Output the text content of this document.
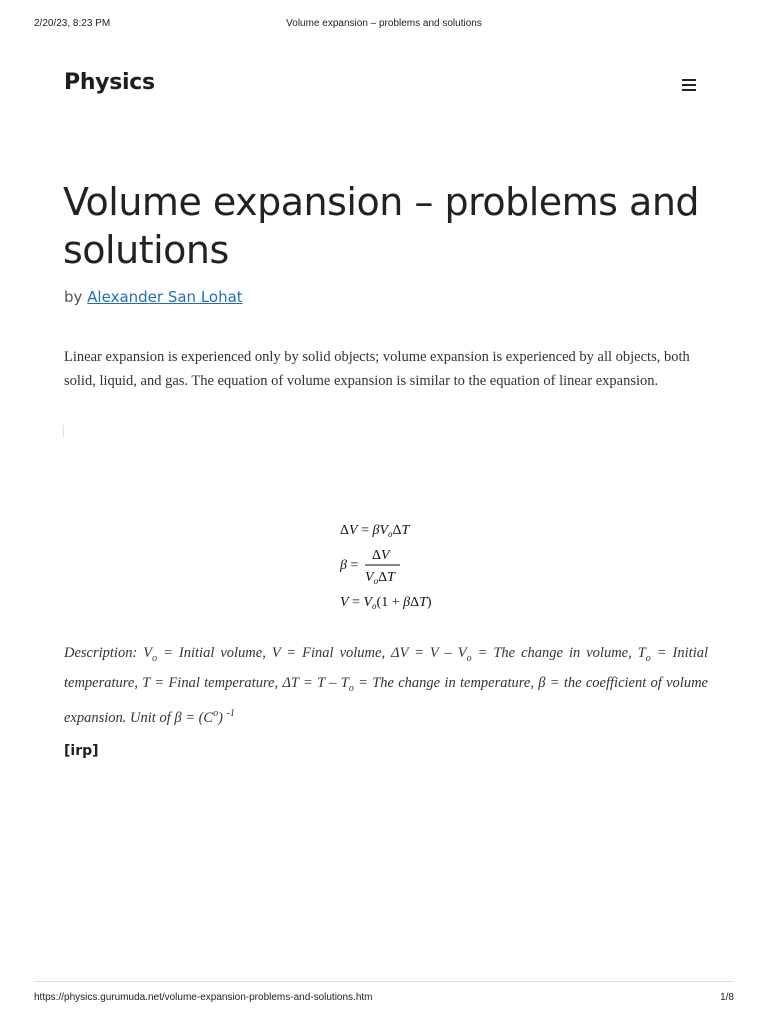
2/20/23, 8:23 PM	Volume expansion – problems and solutions
Physics
Volume expansion – problems and solutions
by Alexander San Lohat

Linear expansion is experienced only by solid objects; volume expansion is experienced by all objects, both solid, liquid, and gas. The equation of volume expansion is similar to the equation of linear expansion.

$\Delta V = \beta V_o\Delta T$
β =
ΔV
$V_o\Delta T$
$V = V_o(1 + \beta\Delta T)$

Description: $V_o$ = Initial volume, V = Final volume, $\Delta V = V - V_o$ = The change in volume, $T_o$ = Initial temperature, T = Final temperature, $\Delta T = T - T_o$ = The change in temperature, β = the coefficient of volume expansion. Unit of $\beta = (C^o)$ $^{-1}$

[irp]
https://physics.gurumuda.net/volume-expansion-problems-and-solutions.htm	1/8
